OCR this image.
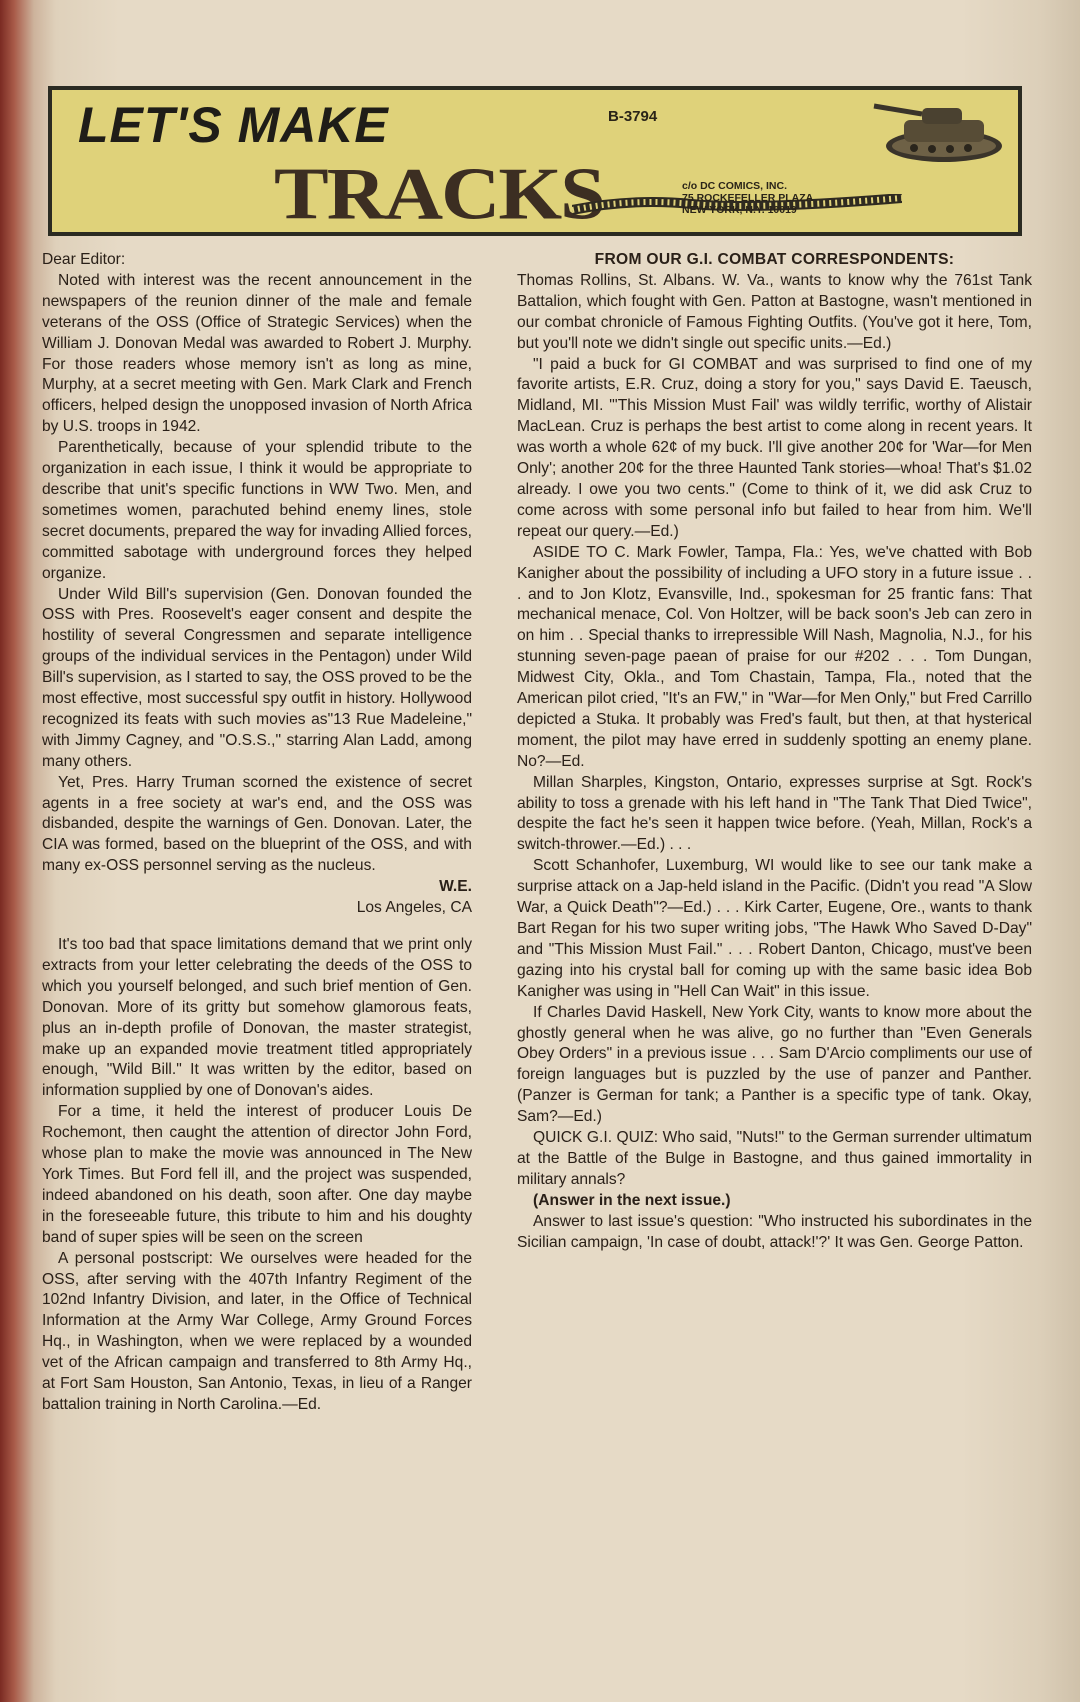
LET'S MAKE	B-3794
TRACKS	c/o DC COMICS, INC.
75 ROCKEFELLER PLAZA
NEW YORK, N.Y. 10019

Dear Editor:

Noted with interest was the recent announcement in the newspapers of the reunion dinner of the male and female veterans of the OSS (Office of Strategic Services) when the William J. Donovan Medal was awarded to Robert J. Murphy. For those readers whose memory isn't as long as mine, Murphy, at a secret meeting with Gen. Mark Clark and French officers, helped design the unopposed invasion of North Africa by U.S. troops in 1942.

Parenthetically, because of your splendid tribute to the organization in each issue, I think it would be appropriate to describe that unit's specific functions in WW Two. Men, and sometimes women, parachuted behind enemy lines, stole secret documents, prepared the way for invading Allied forces, committed sabotage with underground forces they helped organize.

Under Wild Bill's supervision (Gen. Donovan founded the OSS with Pres. Roosevelt's eager consent and despite the hostility of several Congressmen and separate intelligence groups of the individual services in the Pentagon) under Wild Bill's supervision, as I started to say, the OSS proved to be the most effective, most successful spy outfit in history. Hollywood recognized its feats with such movies as"13 Rue Madeleine," with Jimmy Cagney, and "O.S.S.," starring Alan Ladd, among many others.

Yet, Pres. Harry Truman scorned the existence of secret agents in a free society at war's end, and the OSS was disbanded, despite the warnings of Gen. Donovan. Later, the CIA was formed, based on the blueprint of the OSS, and with many ex-OSS personnel serving as the nucleus.

W.E.

Los Angeles, CA

It's too bad that space limitations demand that we print only extracts from your letter celebrating the deeds of the OSS to which you yourself belonged, and such brief mention of Gen. Donovan. More of its gritty but somehow glamorous feats, plus an in-depth profile of Donovan, the master strategist, make up an expanded movie treatment titled appropriately enough, "Wild Bill." It was written by the editor, based on information supplied by one of Donovan's aides.

For a time, it held the interest of producer Louis De Rochemont, then caught the attention of director John Ford, whose plan to make the movie was announced in The New York Times. But Ford fell ill, and the project was suspended, indeed abandoned on his death, soon after. One day maybe in the foreseeable future, this tribute to him and his doughty band of super spies will be seen on the screen

A personal postscript: We ourselves were headed for the OSS, after serving with the 407th Infantry Regiment of the 102nd Infantry Division, and later, in the Office of Technical Information at the Army War College, Army Ground Forces Hq., in Washington, when we were replaced by a wounded vet of the African campaign and transferred to 8th Army Hq., at Fort Sam Houston, San Antonio, Texas, in lieu of a Ranger battalion training in North Carolina.—Ed.

FROM OUR G.I. COMBAT CORRESPONDENTS:

Thomas Rollins, St. Albans. W. Va., wants to know why the 761st Tank Battalion, which fought with Gen. Patton at Bastogne, wasn't mentioned in our combat chronicle of Famous Fighting Outfits. (You've got it here, Tom, but you'll note we didn't single out specific units.—Ed.)

"I paid a buck for GI COMBAT and was surprised to find one of my favorite artists, E.R. Cruz, doing a story for you," says David E. Taeusch, Midland, MI. "'This Mission Must Fail' was wildly terrific, worthy of Alistair MacLean. Cruz is perhaps the best artist to come along in recent years. It was worth a whole 62¢ of my buck. I'll give another 20¢ for 'War—for Men Only'; another 20¢ for the three Haunted Tank stories—whoa! That's $1.02 already. I owe you two cents." (Come to think of it, we did ask Cruz to come across with some personal info but failed to hear from him. We'll repeat our query.—Ed.)

ASIDE TO C. Mark Fowler, Tampa, Fla.: Yes, we've chatted with Bob Kanigher about the possibility of including a UFO story in a future issue . . . and to Jon Klotz, Evansville, Ind., spokesman for 25 frantic fans: That mechanical menace, Col. Von Holtzer, will be back soon's Jeb can zero in on him . . Special thanks to irrepressible Will Nash, Magnolia, N.J., for his stunning seven-page paean of praise for our #202 . . . Tom Dungan, Midwest City, Okla., and Tom Chastain, Tampa, Fla., noted that the American pilot cried, "It's an FW," in "War—for Men Only," but Fred Carrillo depicted a Stuka. It probably was Fred's fault, but then, at that hysterical moment, the pilot may have erred in suddenly spotting an enemy plane. No?—Ed.

Millan Sharples, Kingston, Ontario, expresses surprise at Sgt. Rock's ability to toss a grenade with his left hand in "The Tank That Died Twice", despite the fact he's seen it happen twice before. (Yeah, Millan, Rock's a switch-thrower.—Ed.) . . .

Scott Schanhofer, Luxemburg, WI would like to see our tank make a surprise attack on a Jap-held island in the Pacific. (Didn't you read "A Slow War, a Quick Death"?—Ed.) . . . Kirk Carter, Eugene, Ore., wants to thank Bart Regan for his two super writing jobs, "The Hawk Who Saved D-Day" and "This Mission Must Fail." . . . Robert Danton, Chicago, must've been gazing into his crystal ball for coming up with the same basic idea Bob Kanigher was using in "Hell Can Wait" in this issue.

If Charles David Haskell, New York City, wants to know more about the ghostly general when he was alive, go no further than "Even Generals Obey Orders" in a previous issue . . . Sam D'Arcio compliments our use of foreign languages but is puzzled by the use of panzer and Panther. (Panzer is German for tank; a Panther is a specific type of tank. Okay, Sam?—Ed.)

QUICK G.I. QUIZ: Who said, "Nuts!" to the German surrender ultimatum at the Battle of the Bulge in Bastogne, and thus gained immortality in military annals?

(Answer in the next issue.)

Answer to last issue's question: "Who instructed his subordinates in the Sicilian campaign, 'In case of doubt, attack!'?' It was Gen. George Patton.
